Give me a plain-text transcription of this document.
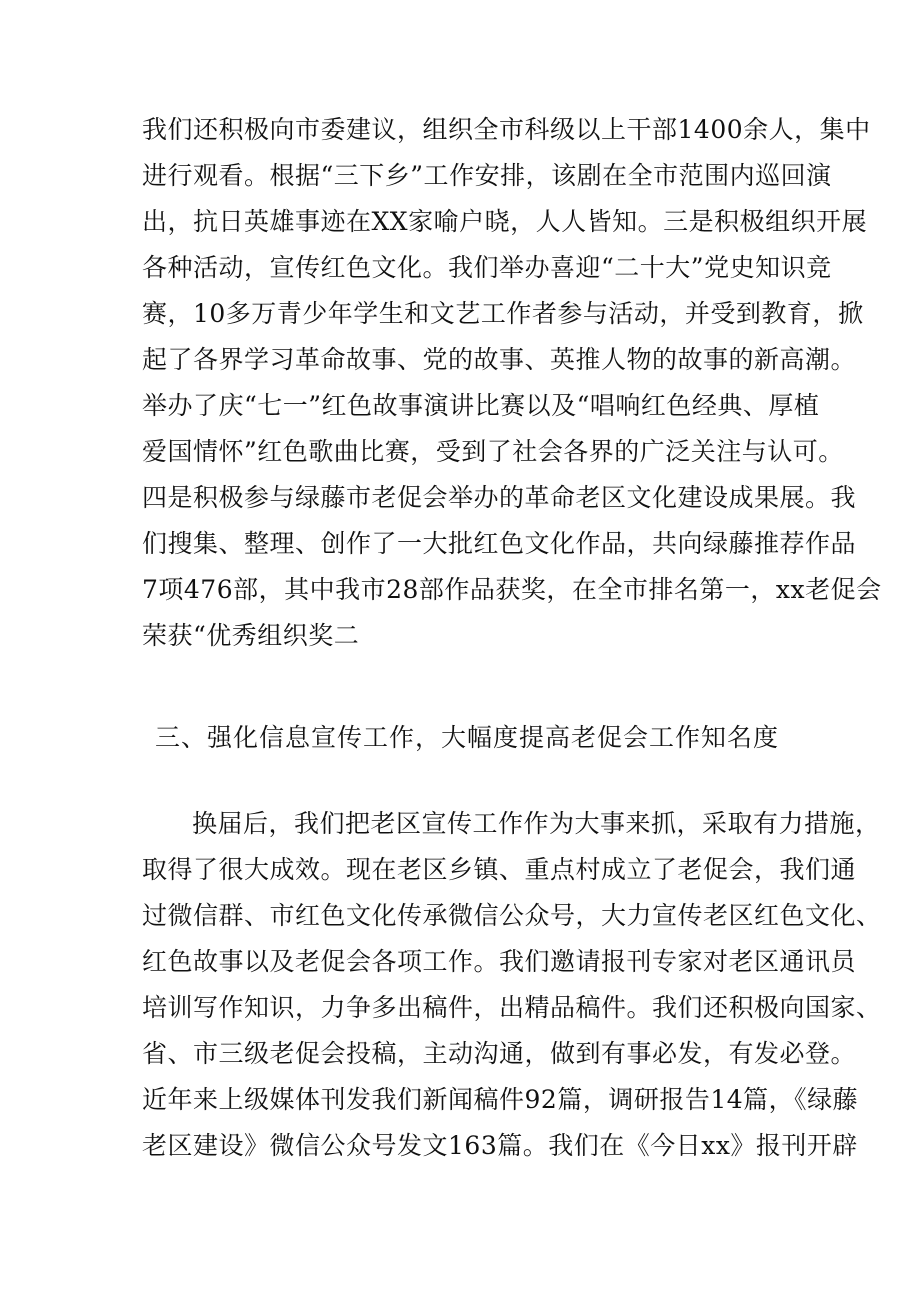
我们还积极向市委建议，组织全市科级以上干部1400余人，集中
进行观看。根据“三下乡”工作安排，该剧在全市范围内巡回演
出，抗日英雄事迹在XX家喻户晓，人人皆知。三是积极组织开展
各种活动，宣传红色文化。我们举办喜迎“二十大”党史知识竞
赛，10多万青少年学生和文艺工作者参与活动，并受到教育，掀
起了各界学习革命故事、党的故事、英推人物的故事的新高潮。
举办了庆“七一”红色故事演讲比赛以及“唱响红色经典、厚植
爱国情怀”红色歌曲比赛，受到了社会各界的广泛关注与认可。
四是积极参与绿藤市老促会举办的革命老区文化建设成果展。我
们搜集、整理、创作了一大批红色文化作品，共向绿藤推荐作品
7项476部，其中我市28部作品获奖，在全市排名第一，xx老促会
荣获“优秀组织奖二
三、强化信息宣传工作，大幅度提高老促会工作知名度
换届后，我们把老区宣传工作作为大事来抓，采取有力措施，
取得了很大成效。现在老区乡镇、重点村成立了老促会，我们通
过微信群、市红色文化传承微信公众号，大力宣传老区红色文化、
红色故事以及老促会各项工作。我们邀请报刊专家对老区通讯员
培训写作知识，力争多出稿件，出精品稿件。我们还积极向国家、
省、市三级老促会投稿，主动沟通，做到有事必发，有发必登。
近年来上级媒体刊发我们新闻稿件92篇，调研报告14篇，《绿藤
老区建设》微信公众号发文163篇。我们在《今日xx》报刊开辟
